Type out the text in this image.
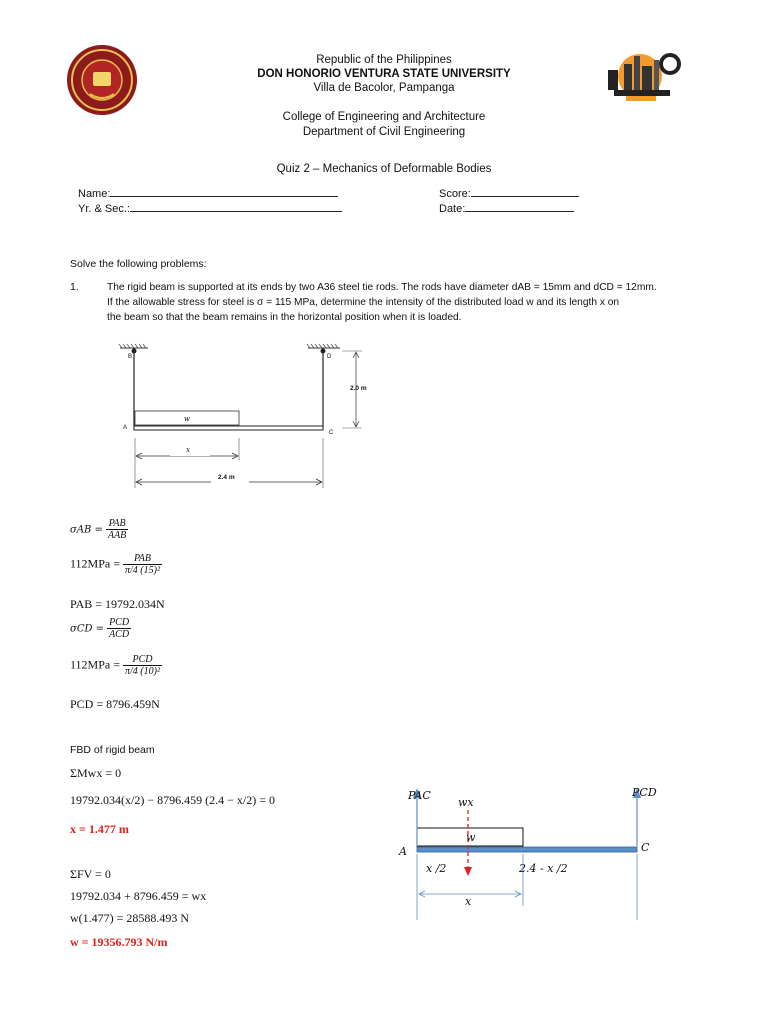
Republic of the Philippines
DON HONORIO VENTURA STATE UNIVERSITY
Villa de Bacolor, Pampanga
College of Engineering and Architecture
Department of Civil Engineering
Quiz 2 – Mechanics of Deformable Bodies
Name:
Yr. & Sec.:
Score:
Date:
Solve the following problems:
1.	The rigid beam is supported at its ends by two A36 steel tie rods. The rods have diameter dAB = 15mm and dCD = 12mm.
If the allowable stress for steel is σ = 115 MPa, determine the intensity of the distributed load w and its length x on
the beam so that the beam remains in the horizontal position when it is loaded.
B	D
A
C
w
x
2.0 m
2.4 m
$\sigma AB = \frac{\text{PAB}}{\text{AAB}}$
$112MPa = \frac{\text{PAB}}{\text{π/4 (15)²}}$
PAB = 19792.034N
$\sigma CD = \frac{\text{PCD}}{\text{ACD}}$
$112MPa = \frac{\text{PCD}}{\text{π/4 (10)²}}$
PCD = 8796.459N
FBD of rigid beam
ΣMwx = 0
19792.034(x/2) − 8796.459 (2.4 − x/2) = 0
x = 1.477 m
ΣFV = 0
19792.034 + 8796.459 = wx
w(1.477) = 28588.493 N
w = 19356.793 N/m
PAC	PCD
wx
w
A	C
x /2	2.4 - x /2
x
